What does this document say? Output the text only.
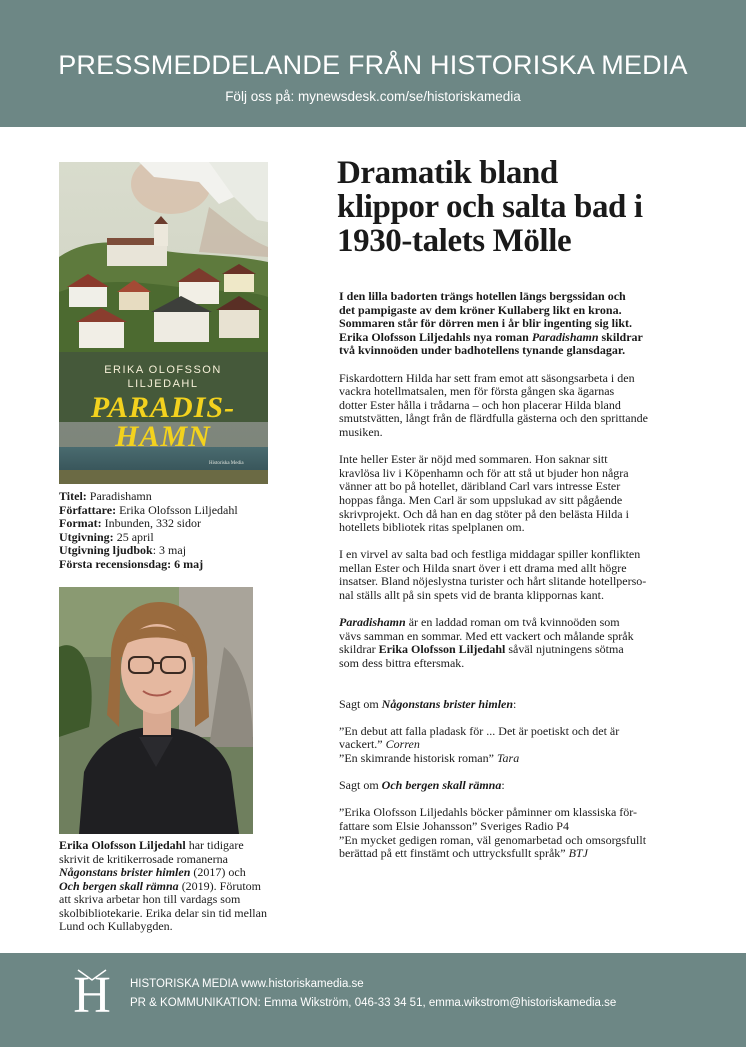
PRESSMEDDELANDE FRÅN HISTORISKA MEDIA
Följ oss på: mynewsdesk.com/se/historiskamedia
ERIKA OLOFSSON
LILJEDAHL
PARADIS-
HAMN
Historiska Media
Titel: Paradishamn
Författare: Erika Olofsson Liljedahl
Format: Inbunden, 332 sidor
Utgivning: 25 april
Utgivning ljudbok: 3 maj
Första recensionsdag: 6 maj
Erika Olofsson Liljedahl har tidigare
skrivit de kritikerrosade romanerna
Någonstans brister himlen (2017) och
Och bergen skall rämna (2019). Förutom
att skriva arbetar hon till vardags som
skolbibliotekarie. Erika delar sin tid mellan
Lund och Kullabygden.
Dramatik bland
klippor och salta bad i
1930-talets Mölle

I den lilla badorten trängs hotellen längs bergssidan och
det pampigaste av dem kröner Kullaberg likt en krona.
Sommaren står för dörren men i år blir ingenting sig likt.
Erika Olofsson Liljedahls nya roman Paradishamn skildrar
två kvinnoöden under badhotellens tynande glansdagar.

Fiskardottern Hilda har sett fram emot att säsongsarbeta i den
vackra hotellmatsalen, men för första gången ska ägarnas
dotter Ester hålla i trådarna – och hon placerar Hilda bland
smutstvätten, långt från de flärdfulla gästerna och den sprittande
musiken.

Inte heller Ester är nöjd med sommaren. Hon saknar sitt
kravlösa liv i Köpenhamn och för att stå ut bjuder hon några
vänner att bo på hotellet, däribland Carl vars intresse Ester
hoppas fånga. Men Carl är som uppslukad av sitt pågående
skrivprojekt. Och då han en dag stöter på den belästa Hilda i
hotellets bibliotek ritas spelplanen om.

I en virvel av salta bad och festliga middagar spiller konflikten
mellan Ester och Hilda snart över i ett drama med allt högre
insatser. Bland nöjeslystna turister och hårt slitande hotellperso-
nal ställs allt på sin spets vid de branta klippornas kant.

Paradishamn är en laddad roman om två kvinnoöden som
vävs samman en sommar. Med ett vackert och målande språk
skildrar Erika Olofsson Liljedahl såväl njutningens sötma
som dess bittra eftersmak.

Sagt om Någonstans brister himlen:

”En debut att falla pladask för ... Det är poetiskt och det är
vackert.” Corren
”En skimrande historisk roman” Tara

Sagt om Och bergen skall rämna:

”Erika Olofsson Liljedahls böcker påminner om klassiska för-
fattare som Elsie Johansson” Sveriges Radio P4
”En mycket gedigen roman, väl genomarbetad och omsorgsfullt
berättad på ett finstämt och uttrycksfullt språk” BTJ

H HISTORISKA MEDIA www.historiskamedia.se
PR & KOMMUNIKATION: Emma Wikström, 046-33 34 51, emma.wikstrom@historiskamedia.se
